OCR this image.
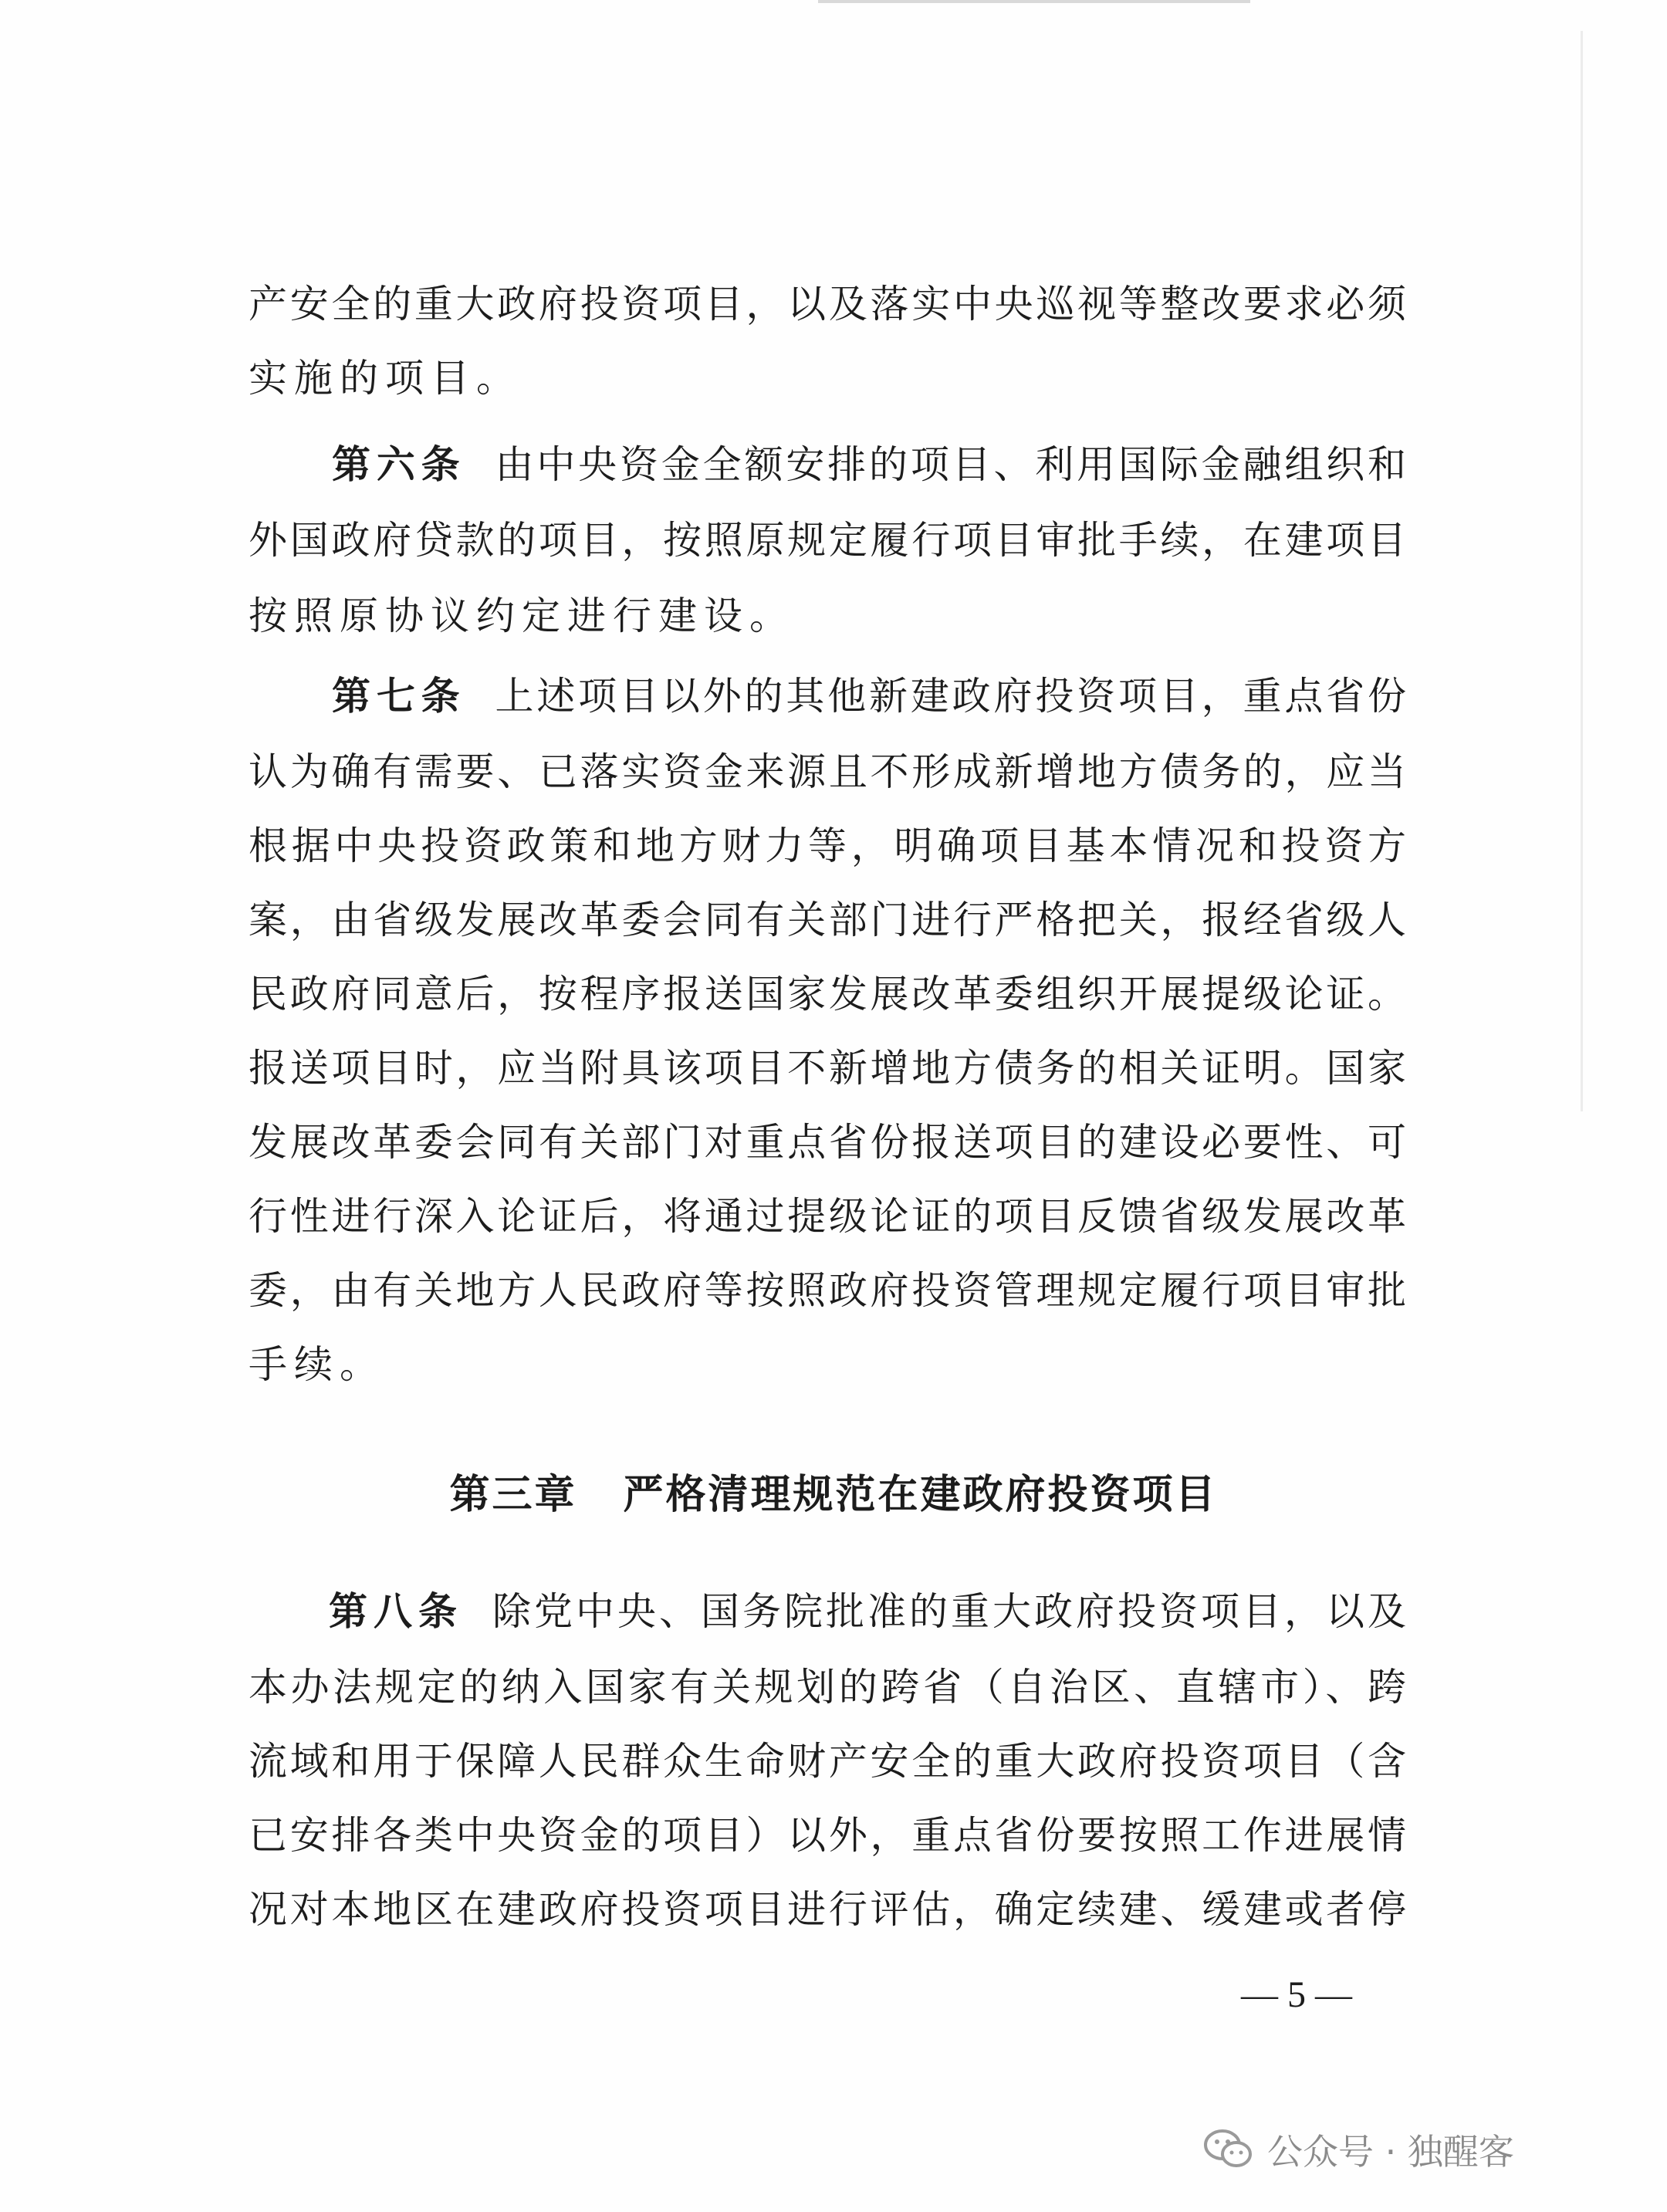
产安全的重大政府投资项目，以及落实中央巡视等整改要求必须
实施的项目。
第六条 由中央资金全额安排的项目、利用国际金融组织和
外国政府贷款的项目，按照原规定履行项目审批手续，在建项目
按照原协议约定进行建设。
第七条 上述项目以外的其他新建政府投资项目，重点省份
认为确有需要、已落实资金来源且不形成新增地方债务的，应当
根据中央投资政策和地方财力等，明确项目基本情况和投资方
案，由省级发展改革委会同有关部门进行严格把关，报经省级人
民政府同意后，按程序报送国家发展改革委组织开展提级论证。
报送项目时，应当附具该项目不新增地方债务的相关证明。国家
发展改革委会同有关部门对重点省份报送项目的建设必要性、可
行性进行深入论证后，将通过提级论证的项目反馈省级发展改革
委，由有关地方人民政府等按照政府投资管理规定履行项目审批
手续。
第三章 严格清理规范在建政府投资项目
第八条 除党中央、国务院批准的重大政府投资项目，以及
本办法规定的纳入国家有关规划的跨省（自治区、直辖市）、跨
流域和用于保障人民群众生命财产安全的重大政府投资项目（含
已安排各类中央资金的项目）以外，重点省份要按照工作进展情
况对本地区在建政府投资项目进行评估，确定续建、缓建或者停
— 5 —
公众号 · 独醒客
